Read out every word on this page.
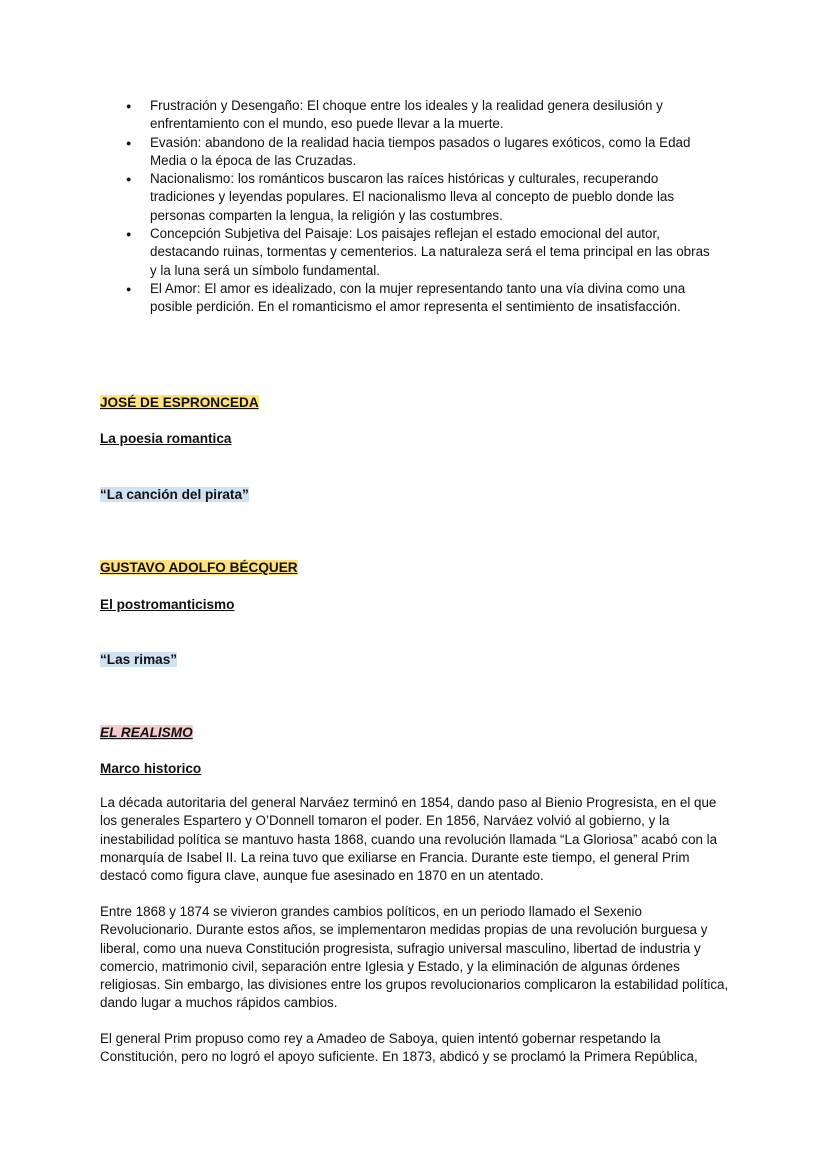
● Frustración y Desengaño: El choque entre los ideales y la realidad genera desilusión y enfrentamiento con el mundo, eso puede llevar a la muerte.
● Evasión: abandono de la realidad hacia tiempos pasados o lugares exóticos, como la Edad Media o la época de las Cruzadas.
● Nacionalismo: los románticos buscaron las raíces históricas y culturales, recuperando tradiciones y leyendas populares. El nacionalismo lleva al concepto de pueblo donde las personas comparten la lengua, la religión y las costumbres.
● Concepción Subjetiva del Paisaje: Los paisajes reflejan el estado emocional del autor, destacando ruinas, tormentas y cementerios. La naturaleza será el tema principal en las obras y la luna será un símbolo fundamental.
● El Amor: El amor es idealizado, con la mujer representando tanto una vía divina como una posible perdición. En el romanticismo el amor representa el sentimiento de insatisfacción.
JOSÉ DE ESPRONCEDA
La poesia romantica
“La canción del pirata”
GUSTAVO ADOLFO BÉCQUER
El postromanticismo
“Las rimas”
EL REALISMO
Marco historico

La década autoritaria del general Narváez terminó en 1854, dando paso al Bienio Progresista, en el que los generales Espartero y O’Donnell tomaron el poder. En 1856, Narváez volvió al gobierno, y la inestabilidad política se mantuvo hasta 1868, cuando una revolución llamada “La Gloriosa” acabó con la monarquía de Isabel II. La reina tuvo que exiliarse en Francia. Durante este tiempo, el general Prim destacó como figura clave, aunque fue asesinado en 1870 en un atentado.

Entre 1868 y 1874 se vivieron grandes cambios políticos, en un periodo llamado el Sexenio Revolucionario. Durante estos años, se implementaron medidas propias de una revolución burguesa y liberal, como una nueva Constitución progresista, sufragio universal masculino, libertad de industria y comercio, matrimonio civil, separación entre Iglesia y Estado, y la eliminación de algunas órdenes religiosas. Sin embargo, las divisiones entre los grupos revolucionarios complicaron la estabilidad política, dando lugar a muchos rápidos cambios.

El general Prim propuso como rey a Amadeo de Saboya, quien intentó gobernar respetando la Constitución, pero no logró el apoyo suficiente. En 1873, abdicó y se proclamó la Primera República,
